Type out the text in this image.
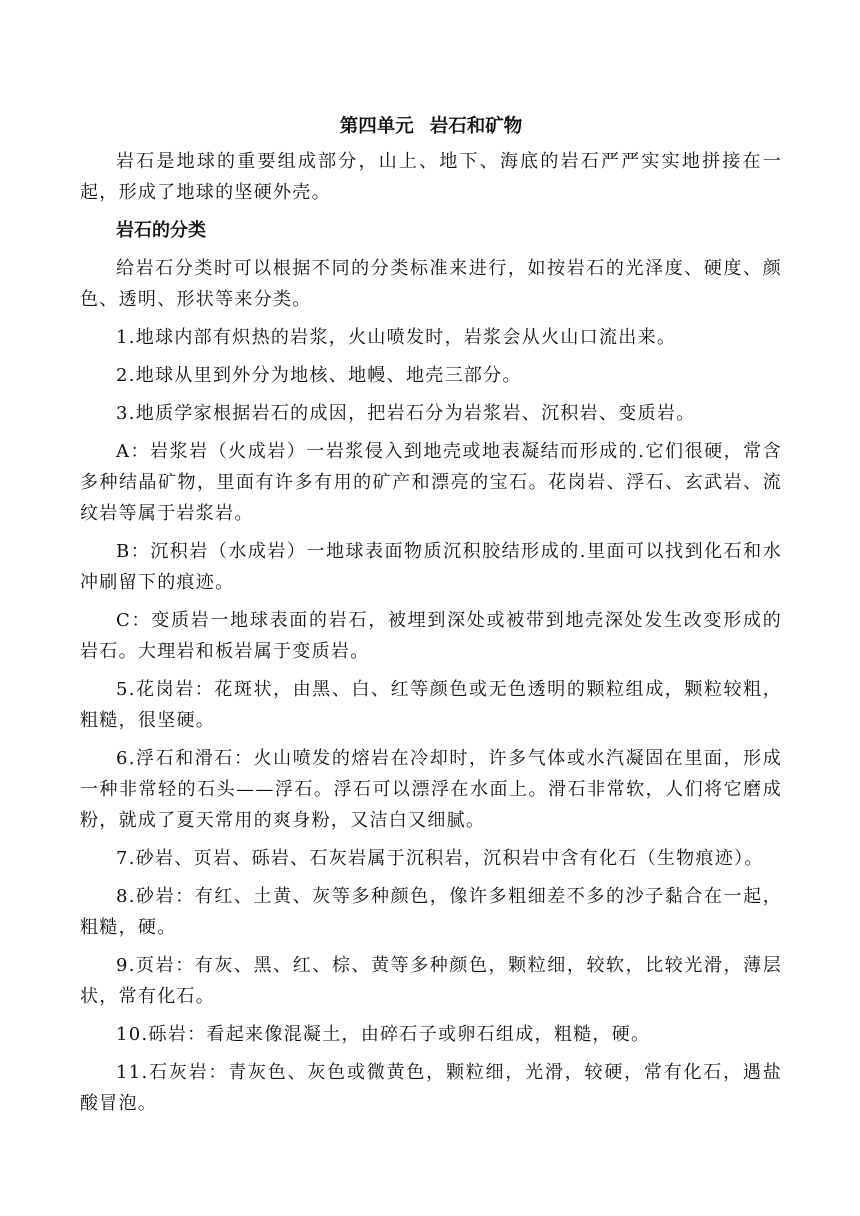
第四单元 岩石和矿物

岩石是地球的重要组成部分，山上、地下、海底的岩石严严实实地拼接在一起，形成了地球的坚硬外壳。

岩石的分类

给岩石分类时可以根据不同的分类标准来进行，如按岩石的光泽度、硬度、颜色、透明、形状等来分类。

1.地球内部有炽热的岩浆，火山喷发时，岩浆会从火山口流出来。

2.地球从里到外分为地核、地幔、地壳三部分。

3.地质学家根据岩石的成因，把岩石分为岩浆岩、沉积岩、变质岩。

A：岩浆岩（火成岩）一岩浆侵入到地壳或地表凝结而形成的.它们很硬，常含多种结晶矿物，里面有许多有用的矿产和漂亮的宝石。花岗岩、浮石、玄武岩、流纹岩等属于岩浆岩。

B：沉积岩（水成岩）一地球表面物质沉积胶结形成的.里面可以找到化石和水冲刷留下的痕迹。

C：变质岩一地球表面的岩石，被埋到深处或被带到地壳深处发生改变形成的岩石。大理岩和板岩属于变质岩。

5.花岗岩：花斑状，由黑、白、红等颜色或无色透明的颗粒组成，颗粒较粗，粗糙，很坚硬。

6.浮石和滑石：火山喷发的熔岩在冷却时，许多气体或水汽凝固在里面，形成一种非常轻的石头——浮石。浮石可以漂浮在水面上。滑石非常软，人们将它磨成粉，就成了夏天常用的爽身粉，又洁白又细腻。

7.砂岩、页岩、砾岩、石灰岩属于沉积岩，沉积岩中含有化石（生物痕迹）。

8.砂岩：有红、土黄、灰等多种颜色，像许多粗细差不多的沙子黏合在一起，粗糙，硬。

9.页岩：有灰、黑、红、棕、黄等多种颜色，颗粒细，较软，比较光滑，薄层状，常有化石。

10.砾岩：看起来像混凝土，由碎石子或卵石组成，粗糙，硬。

11.石灰岩：青灰色、灰色或微黄色，颗粒细，光滑，较硬，常有化石，遇盐酸冒泡。
